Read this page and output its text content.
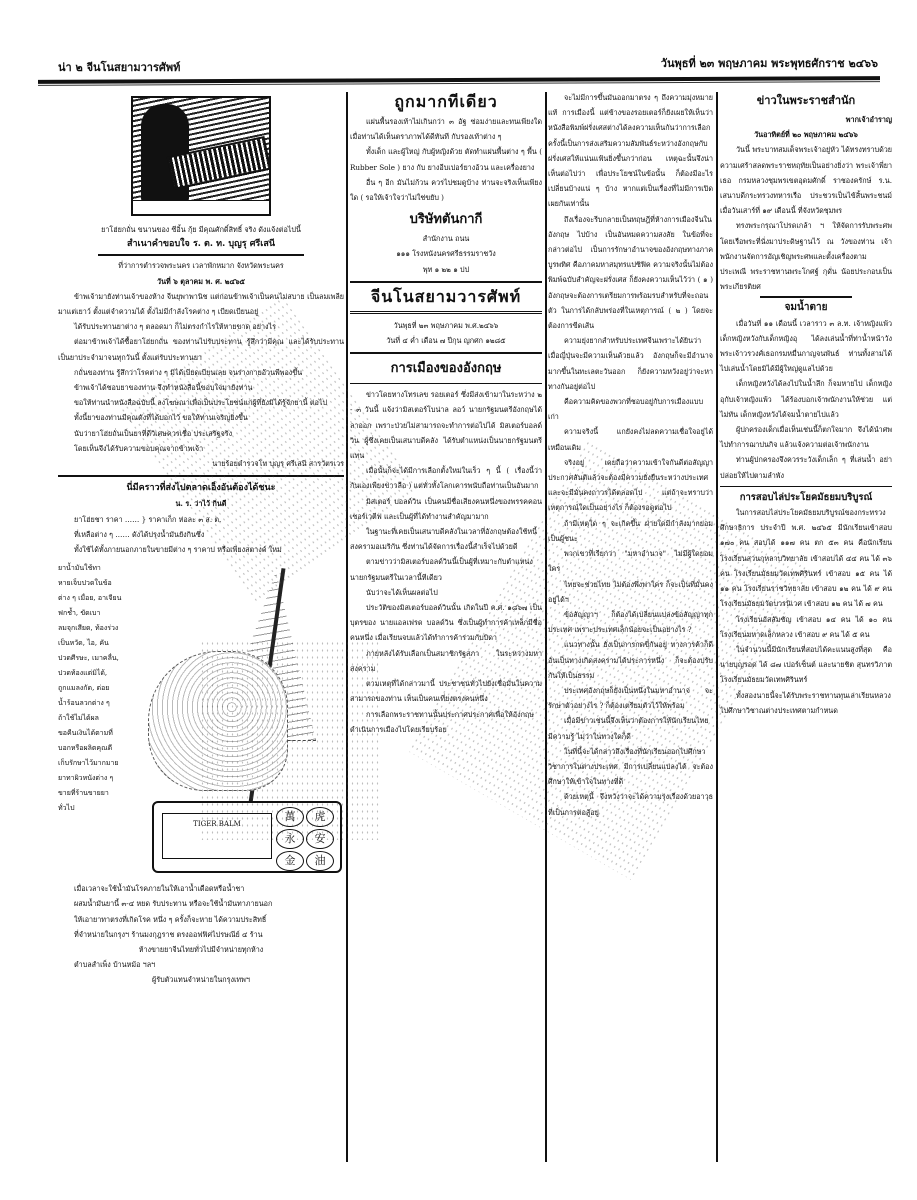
น่า ๒ จีนโนสยามวารศัพท์	วันพุธที่ ๒๓ พฤษภาคม พระพุทธศักราช ๒๔๖๖

ยาโฮ่ยกถั่น ขนานของ ซีอิ้น กุ้ย มีคุณศักดิ์สิทธิ์ จริง ดังแจ้งต่อไปนี้

สำเนาคำขอบใจ ร. ต. ท. บุญรุ ศรีเสนี

ที่ว่าการตำรวจพระนคร เวลาพักหมาก จังหวัดพระนคร

วันที่ ๖ ตุลาคม พ. ศ. ๒๔๖๕

ข้าพเจ้ามายังท่านเจ้าของห้าง จีนยุพาพานิช แต่ก่อนข้าพเจ้าเป็นคนไม่สบาย เป็นลมเพลียมาแต่เยาว์ ตั้งแต่จำความได้ ตั้งไม่มีกำลังโรคต่าง ๆ เบียดเบียนอยู่

ได้รับประทานยาต่าง ๆ ตลอดมา ก็ไม่ตรงกำไรให้หายขาด อย่างไร

ต่อมาข้าพเจ้าได้ซื้อยาโฮ่ยกถั่น ของท่านไปรับประทาน รู้สึกว่ามีคุณ และได้รับประทานเป็นยาประจำมาจนทุกวันนี้ ตั้งแต่รับประทานยา

กถั่นของท่าน รู้สึกว่าโรคต่าง ๆ มิได้เบียดเบียนเลย จนร่างกายอ้วนพีพองขึ้น

ข้าพเจ้าได้ชอบยาของท่าน จึงทำหนังสือนี้ขอบใจมายังท่าน

ขอให้ท่านนำหนังสือฉบับนี้ ลงโฆษณาเพื่อเป็นประโยชน์แก่ผู้ที่ยังมิได้รู้จักยานี้ ต่อไป

ทั้งนี้ยาของท่านมีคุณดังที่ได้บอกไว้ ขอให้ท่านเจริญยิ่งขึ้น

นับว่ายาโฮ่ยถั่นเป็นยาที่ดีวิเศษควรเชื่อ ประเสริฐจริง

โดยเห็นจึงได้รับความขอบคุณจากข้าพเจ้า

นายร้อยตำรวจโท บุญรุ ศรีเสนี สารวัตรเวร

นี่มีคราวที่ส่งไปตลาดเอ็งอันต้องได้ชนะ

น. ร. ว่าไว้ กินดี

ยาโฮ่ยชา ราคา …… } ราคาเก็ก ห่อละ ๓ ส. ต.

ที่เหลือต่าง ๆ …… ดังได้ปรุงน้ำมันยังกินซึ่ง

ทั้งใช้ได้ทั้งภายนอกภายในขายมีต่าง ๆ ราคาบ่ หรือเพียงสตางค์ ใหม่

ยาน้ำมันใช้ทา
หายเจ็บปวดในข้อ
ต่าง ๆ เมื่อย, อาเจียน
ฟกช้ำ, ขัดเบา
ลมจุกเสียด, ท้องร่วง
เป็นหวัด, ไอ, คัน
ปวดศีรษะ, เมาคลื่น,
ปวดท้องแต่มิได้,
ถูกแมลงกัด, ต่อย
น้ำร้อนลวกต่าง ๆ
ถ้าใช้ไม่ได้ผล
ขอคืนเงินได้ตามที่
บอกหรือผลิตคุณดี
เก็บรักษาไว้มากมาย
ยาทาผิวหนังต่าง ๆ
ขายที่ร้านขายยา
ทั่วไป
TIGER BALM
萬	虎
永	安
金	油

เมื่อเวลาจะใช้น้ำมันโรคภายในให้เอาน้ำเดือดหรือน้ำชา

ผสมน้ำมันยานี้ ๓-๔ หยด รับประทาน หรือจะใช้น้ำมันทาภายนอก

ให้เอายาทาตรงที่เกิดโรค หนึ่ง ๆ ครั้งก็จะหาย ได้ความประสิทธิ์

ที่จำหน่ายในกรุงฯ ร้านมงกุฎราช ตรงออฟฟิศไปรษณีย์ ๔ ร้าน

ห้างขายยาจีนไทยทั่วไปมีจำหน่ายทุกห้าง

ตำบลสำเพ็ง บ้านหม้อ ฯลฯ

ผู้รับตัวแทนจำหน่ายในกรุงเทพฯ

ถูกมากทีเดียว

แผ่นพื้นรองเท้าไม่เกินกว่า ๓ อัฐ ซ่อมง่ายและทนเพียงใด เมื่อท่านได้เห็นตราภาพได้ดีทันที กับรองเท้าต่าง ๆ

ทั้งเด็ก และผู้ใหญ่ กับผู้หญิงด้วย ตัดทำแผ่นพื้นต่าง ๆ พื้น ( Rubber Sole ) ยาง กับ ยางอีบเปอร์ยางอ้วน และเครื่องยาง

อื่น ๆ อีก มันไม่ก้วน ควรไปชมดูบ้าง ท่านจะจริงเห็นเพียงใด ( รอให้เจ้าใจว่าไม่ใช่ขยับ )

บริษัทตันกากี

สำนักงาน ถนน

๑๑๑ โรงหนังนครศรีธรรมราชวัง

พุท ๑ ๒๒ ๑ ปป

จีนโนสยามวารศัพท์

วันพุธที่ ๒๓ พฤษภาคม พ.ศ.๒๔๖๖

วันที่ ๔ ค่ำ เดือน ๗ ปีกุน ญกศก ๑๒๘๕

การเมืองของอังกฤษ

ข่าวโดยทางโทรเลข รอยเตอร์ ซึ่งมีส่งเข้ามาในระหว่าง ๒ - ๓ วันนี้ แจ้งว่ามิสเตอร์โบน่าล ลอว์ นายกรัฐมนตรีอังกฤษได้ลาออก เพราะป่วยไม่สามารถจะทำการต่อไปได้ มิสเตอร์บอลด์วิน ผู้ซึ่งเคยเป็นเสนาบดีคลัง ได้รับตำแหน่งเป็นนายกรัฐมนตรีแทน

เมื่อนั้นก็จะได้มีการเลือกตั้งใหม่ในเร็ว ๆ นี้ ( เรื่องนี้ว่ากันเองเพียงข่าวลือ ) แต่ทั่วทั้งโลกเคารพนับถือท่านเป็นอันมาก

มิสเตอร์ บอลด์วิน เป็นคนมีชื่อเสียงคนหนึ่งของพรรคคอนเซอร์เวตีฟ และเป็นผู้ที่ได้ทำงานสำคัญมามาก

ในฐานะที่เคยเป็นเสนาบดีคลังในเวลาที่อังกฤษต้องใช้หนี้สงครามอเมริกัน ซึ่งท่านได้จัดการเรื่องนี้สำเร็จไปด้วยดี

ตามข่าวว่ามิสเตอร์บอลด์วินนี้เป็นผู้ที่เหมาะกับตำแหน่งนายกรัฐมนตรีในเวลานี้ทีเดียว

นับว่าจะได้เห็นผลต่อไป

ประวัติของมิสเตอร์บอลด์วินนั้น เกิดในปี ค.ศ. ๑๘๖๗ เป็นบุตรของ นายแอลเฟรด บอลด์วิน ซึ่งเป็นผู้ทำการค้าเหล็กมีชื่อคนหนึ่ง เมื่อเรียนจบแล้วได้ทำการค้าร่วมกับบิดา

ภายหลังได้รับเลือกเป็นสมาชิกรัฐสภา ในระหว่างมหาสงคราม

ตามเหตุที่ได้กล่าวมานี้ ประชาชนทั่วไปยังเชื่อมั่นในความสามารถของท่าน เห็นเป็นคนเที่ยงตรงคนหนึ่ง

การเลือกพระราชทานนั้นประกาศประกาศเพื่อให้อังกฤษดำเนินการเมืองไปโดยเรียบร้อย

จะไม่มีการขึ้นมันออกมาตรง ๆ ถึงความมุ่งหมายแท้ การเมืองนี้ แต่ข้างของรอยเตอร์ก็ยังเผยให้เห็นว่า หนังสือพิมพ์ฝรั่งเศสต่างได้ลงความเห็นกันว่าการเลือกครั้งนี้เป็นการส่งเสริมความสัมพันธ์ระหว่างอังกฤษกับฝรั่งเศสให้แน่นแฟ้นยิ่งขึ้นกว่าก่อน เหตุฉะนั้นจึงน่าเห็นต่อไปว่า เพื่อประโยชน์ในข้อนั้น ก็ต้องมีอะไรเปลี่ยนบ้างแน่ ๆ บ้าง หากแต่เป็นเรื่องที่ไม่มีการเปิดเผยกันเท่านั้น

ถึงเรื่องจะรีบกลายเป็นทฤษฎีที่ห้างการเมืองจีนในอังกฤษ ไปบ้าง เป็นอันหมดความสงสัย ในข้อที่จะกล่าวต่อไป เป็นการรักษาอำนาจของอังกฤษทางภาคบูรพทิศ คือภาคมหาสมุทรแปซิฟิค ความจริงนั้นไม่ต้องพิมพ์ฉบับสำคัญจะฝรั่งเศส ก็ยังคงความเห็นไว้ว่า ( ๑ ) อังกฤษจะต้องการเตรียมการพร้อมรบสำหรับที่จะถอนตัว ในการได้กลับพร่องที่ในเหตุการณ์ ( ๒ ) โดยจะต้องการขีดเส้น

ความยุ่งยากสำหรับประเทศจีนเพราะได้ยินว่า เมื่อญี่ปุ่นจะมีความเห็นด้วยแล้ว อังกฤษก็จะมีอำนาจมากขึ้นในทะเลตะวันออก ก็ยังความหวังอยู่ว่าจะหาทางกันอยู่ต่อไป

คือความคิดของพวกที่ชอบอยู่กับการเมืองแบบเก่า

ความจริงนี้ แกยังคงไม่ลดความเชื่อใจอยู่ได้เหมือนเดิม

จริงอยู่ เคยถือว่าความเข้าใจกันดีต่อสัญญาประกาศสันติแล้วจะต้องมีความยั่งยืนระหว่างประเทศ และจะมีมั่นคงถาวรได้ตลอดไป แต่ถ้าจะทราบว่าเหตุการณ์ใดเป็นอย่างไร ก็ต้องรอดูต่อไป

ถ้ามีเหตุใด ๆ จะเกิดขึ้น ฝ่ายใดมีกำลังมากย่อมเป็นผู้ชนะ

พวกเขาที่เรียกว่า "มหาอำนาจ" ไม่มีผู้ใดยอมใคร

ไทยจะช่วยไทย ไม่ต้องพึ่งพาใคร ก็จะเป็นที่มั่นคงอยู่ได้ฯ

ข้อสัญญาฯ ก็ต้องได้เปลี่ยนแปลงข้อสัญญาทุกประเทศ เพราะประเทศเล็กน้อยจะเป็นอย่างไร ?

แนวทางนั้น ยังเป็นการกดขี่กันอยู่ ทางการค้าก็ดี อันเป็นทางเกิดสงครามได้ประการหนึ่ง ก็จะต้องปรับกันให้เป็นธรรม

ประเทศอังกฤษก็ยังเป็นหนึ่งในมหาอำนาจ จะรักษาตัวอย่างไร ? ก็ต้องเตรียมตัวไว้ให้พร้อม

เมื่อมีข่าวเช่นนี้จึงเห็นว่าต้องการให้นักเรียนไทยมีความรู้ ไม่ว่าในทางใดก็ดี

ในที่นี้จะได้กล่าวถึงเรื่องที่นักเรียนออกไปศึกษาวิชาการในต่างประเทศ มีการเปลี่ยนแปลงได้ จะต้องศึกษาให้เข้าใจในทางที่ดี

ด้วยเหตุนี้ จึงหวังว่าจะได้ความรุ่งเรืองด้วยอาวุธที่เป็นการต่อสู้อยู่

ข่าวในพระราชสำนัก

พากเจ้าอำราญ

วันอาทิตย์ที่ ๒๐ พฤษภาคม ๒๔๖๖

วันนี้ พระบาทสมเด็จพระเจ้าอยู่หัว ได้ทรงทราบด้วยความเศร้าสลดพระราชหฤทัยเป็นอย่างยิ่งว่า พระเจ้าพี่ยาเธอ กรมหลวงชุมพรเขตอุดมศักดิ์ ราชองครักษ์ ร.น. เสนาบดีกระทรวงทหารเรือ ประชวรเป็นไข้สิ้นพระชนม์ เมื่อวันเสาร์ที่ ๑๙ เดือนนี้ ที่จังหวัดชุมพร

ทรงพระกรุณาโปรดเกล้า ฯ ให้จัดการรับพระศพโดยเรือพระที่นั่งมาประดิษฐานไว้ ณ วังของท่าน เจ้าพนักงานจัดการอัญเชิญพระศพและตั้งเครื่องตามประเพณี พระราชทานพระโกศฐ์ กุดั่น น้อยประกอบเป็นพระเกียรติยศ

จมน้ำตาย

เมื่อวันที่ ๑๑ เดือนนี้ เวลาราว ๓ ล.ท. เจ้าหญิงแพ้ว เด็กหญิงหวังกับเด็กหญิงอุ ได้ลงเล่นน้ำที่ท่าน้ำหน้าวังพระเจ้าวรวงศ์เธอกรมหมื่นกาญจนพันธ์ ท่านทั้งสามได้ไปเล่นน้ำโดยมิได้มีผู้ใหญ่ดูแลไปด้วย

เด็กหญิงหวังได้ลงไปในน้ำลึก ก็จมหายไป เด็กหญิงอุกับเจ้าหญิงแพ้ว ได้ร้องบอกเจ้าพนักงานให้ช่วย แต่ไม่ทัน เด็กหญิงหวังได้จมน้ำตายไปแล้ว

ผู้ปกครองเด็กเมื่อเห็นเช่นนี้ก็ตกใจมาก จึงได้นำศพไปทำการฌาปนกิจ แล้วแจ้งความต่อเจ้าพนักงาน

ท่านผู้ปกครองจึงควรระวังเด็กเล็ก ๆ ที่เล่นน้ำ อย่าปล่อยให้ไปตามลำพัง

การสอบไล่ประโยคมัธยมบริบูรณ์

ในการสอบไล่ประโยคมัธยมบริบูรณ์ของกระทรวงศึกษาธิการ ประจำปี พ.ศ. ๒๔๖๕ มีนักเรียนเข้าสอบ ๑๗๐ คน สอบได้ ๑๑๗ คน ตก ๕๓ คน คือนักเรียนโรงเรียนสวนกุหลาบวิทยาลัย เข้าสอบได้ ๔๔ คน ได้ ๓๖ คน โรงเรียนมัธยมวัดเทพศิรินทร์ เข้าสอบ ๑๕ คน ได้ ๑๑ คน โรงเรียนราชวิทยาลัย เข้าสอบ ๑๒ คน ได้ ๙ คน โรงเรียนมัธยมวัดบวรนิเวศ เข้าสอบ ๑๒ คน ได้ ๗ คน

โรงเรียนอัสสัมชัญ เข้าสอบ ๑๔ คน ได้ ๑๐ คน โรงเรียนมหาดเล็กหลวง เข้าสอบ ๙ คน ได้ ๕ คน

ในจำนวนนี้มีนักเรียนที่สอบได้คะแนนสูงที่สุด คือ นายบุญรอด ได้ ๘๗ เปอร์เซ็นต์ และนายชิต สุนทรวิภาต โรงเรียนมัธยมวัดเทพศิรินทร์

ทั้งสองนายนี้จะได้รับพระราชทานทุนเล่าเรียนหลวง ไปศึกษาวิชาณต่างประเทศตามกำหนด
